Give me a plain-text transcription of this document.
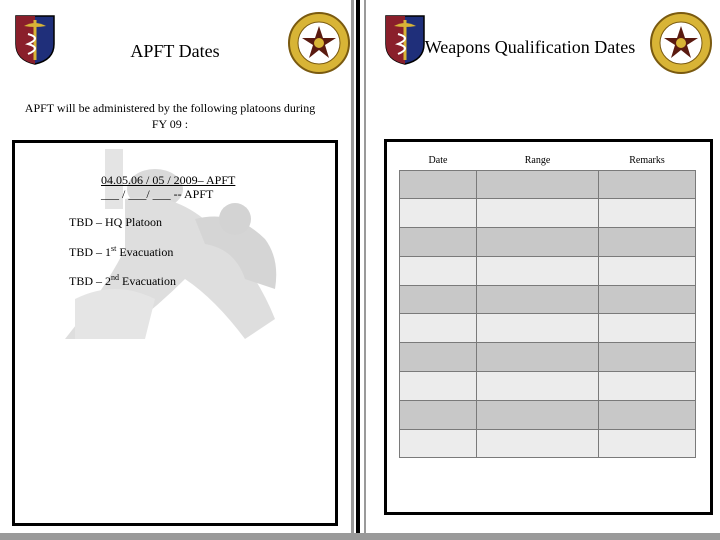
APFT Dates
APFT will be administered by the following platoons during FY 09 :
04.05.06 / 05 / 2009– APFT
___ / ___/ ___ -- APFT
TBD – HQ Platoon
TBD – 1st Evacuation
TBD – 2nd Evacuation
Weapons Qualification Dates
Date	Range	Remarks
